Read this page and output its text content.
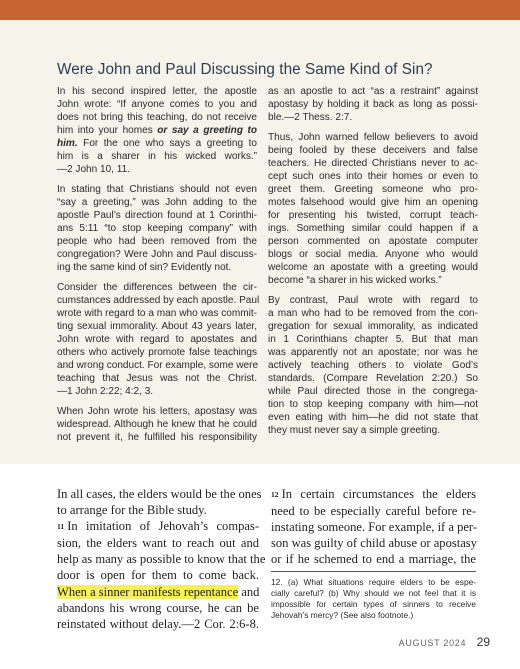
Were John and Paul Discussing the Same Kind of Sin?

In his second inspired letter, the apostle
John wrote: “If anyone comes to you and
does not bring this teaching, do not receive
him into your homes or say a greeting to
him. For the one who says a greeting to
him is a sharer in his wicked works.”
—2 John 10, 11.

In stating that Christians should not even
“say a greeting,” was John adding to the
apostle Paul’s direction found at 1 Corinthi-
ans 5:11 “to stop keeping company” with
people who had been removed from the
congregation? Were John and Paul discuss-
ing the same kind of sin? Evidently not.

Consider the differences between the cir-
cumstances addressed by each apostle. Paul
wrote with regard to a man who was commit-
ting sexual immorality. About 43 years later,
John wrote with regard to apostates and
others who actively promote false teachings
and wrong conduct. For example, some were
teaching that Jesus was not the Christ.
—1 John 2:22; 4:2, 3.

When John wrote his letters, apostasy was
widespread. Although he knew that he could
not prevent it, he fulfilled his responsibility

as an apostle to act “as a restraint” against
apostasy by holding it back as long as possi-
ble.—2 Thess. 2:7.

Thus, John warned fellow believers to avoid
being fooled by these deceivers and false
teachers. He directed Christians never to ac-
cept such ones into their homes or even to
greet them. Greeting someone who pro-
motes falsehood would give him an opening
for presenting his twisted, corrupt teach-
ings. Something similar could happen if a
person commented on apostate computer
blogs or social media. Anyone who would
welcome an apostate with a greeting would
become “a sharer in his wicked works.”

By contrast, Paul wrote with regard to
a man who had to be removed from the con-
gregation for sexual immorality, as indicated
in 1 Corinthians chapter 5. But that man
was apparently not an apostate; nor was he
actively teaching others to violate God’s
standards. (Compare Revelation 2:20.) So
while Paul directed those in the congrega-
tion to stop keeping company with him—not
even eating with him—he did not state that
they must never say a simple greeting.

In all cases, the elders would be the ones
to arrange for the Bible study.
11 In imitation of Jehovah’s compas-
sion, the elders want to reach out and
help as many as possible to know that the
door is open for them to come back.
When a sinner manifests repentance and
abandons his wrong course, he can be
reinstated without delay.—2 Cor. 2:6-8.
12 In certain circumstances the elders
need to be especially careful before re-
instating someone. For example, if a per-
son was guilty of child abuse or apostasy
or if he schemed to end a marriage, the
12. (a) What situations require elders to be espe-
cially careful? (b) Why should we not feel that it is
impossible for certain types of sinners to receive
Jehovah’s mercy? (See also footnote.)
AUGUST 2024 29
